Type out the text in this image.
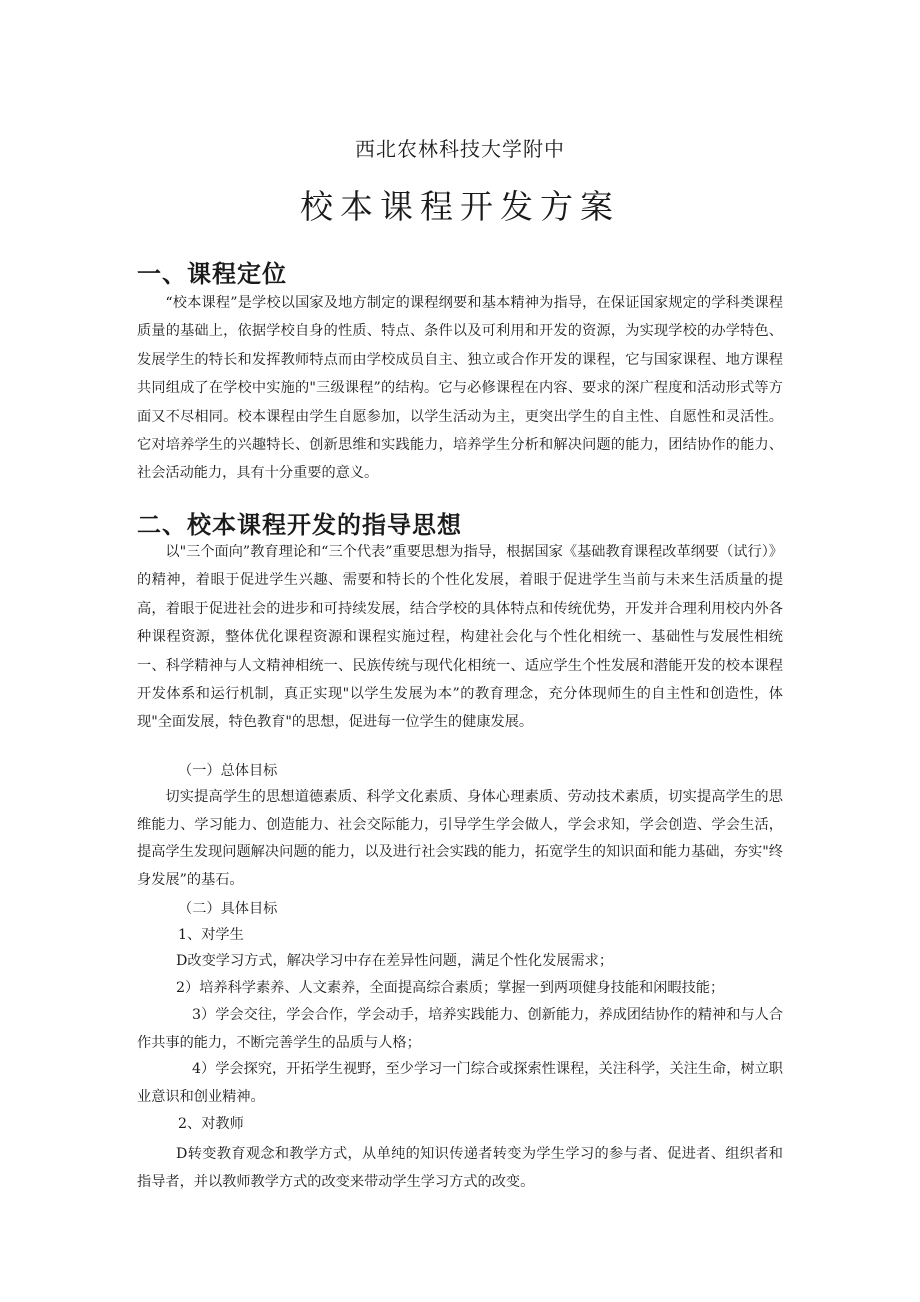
西北农林科技大学附中
校本课程开发方案
一、课程定位

“校本课程”是学校以国家及地方制定的课程纲要和基本精神为指导，在保证国家规定的学科类课程质量的基础上，依据学校自身的性质、特点、条件以及可利用和开发的资源，为实现学校的办学特色、发展学生的特长和发挥教师特点而由学校成员自主、独立或合作开发的课程，它与国家课程、地方课程共同组成了在学校中实施的"三级课程”的结构。它与必修课程在内容、要求的深广程度和活动形式等方面又不尽相同。校本课程由学生自愿参加，以学生活动为主，更突出学生的自主性、自愿性和灵活性。它对培养学生的兴趣特长、创新思维和实践能力，培养学生分析和解决问题的能力，团结协作的能力、社会活动能力，具有十分重要的意义。

二、校本课程开发的指导思想

以"三个面向”教育理论和“三个代表”重要思想为指导，根据国家《基础教育课程改革纲要（试行）》的精神，着眼于促进学生兴趣、需要和特长的个性化发展，着眼于促进学生当前与未来生活质量的提高，着眼于促进社会的进步和可持续发展，结合学校的具体特点和传统优势，开发并合理利用校内外各种课程资源，整体优化课程资源和课程实施过程，构建社会化与个性化相统一、基础性与发展性相统一、科学精神与人文精神相统一、民族传统与现代化相统一、适应学生个性发展和潜能开发的校本课程开发体系和运行机制，真正实现"以学生发展为本”的教育理念，充分体现师生的自主性和创造性，体现"全面发展，特色教育"的思想，促进每一位学生的健康发展。

（一）总体目标

切实提高学生的思想道德素质、科学文化素质、身体心理素质、劳动技术素质，切实提高学生的思维能力、学习能力、创造能力、社会交际能力，引导学生学会做人，学会求知，学会创造、学会生活，提高学生发现问题解决问题的能力，以及进行社会实践的能力，拓宽学生的知识面和能力基础，夯实"终身发展”的基石。

（二）具体目标
1、对学生

D改变学习方式，解决学习中存在差异性问题，满足个性化发展需求；

2）培养科学素养、人文素养，全面提高综合素质；掌握一到两项健身技能和闲暇技能；

3）学会交往，学会合作，学会动手，培养实践能力、创新能力，养成团结协作的精神和与人合作共事的能力，不断完善学生的品质与人格；

4）学会探究，开拓学生视野，至少学习一门综合或探索性课程，关注科学，关注生命，树立职业意识和创业精神。

2、对教师

D转变教育观念和教学方式，从单纯的知识传递者转变为学生学习的参与者、促进者、组织者和指导者，并以教师教学方式的改变来带动学生学习方式的改变。
